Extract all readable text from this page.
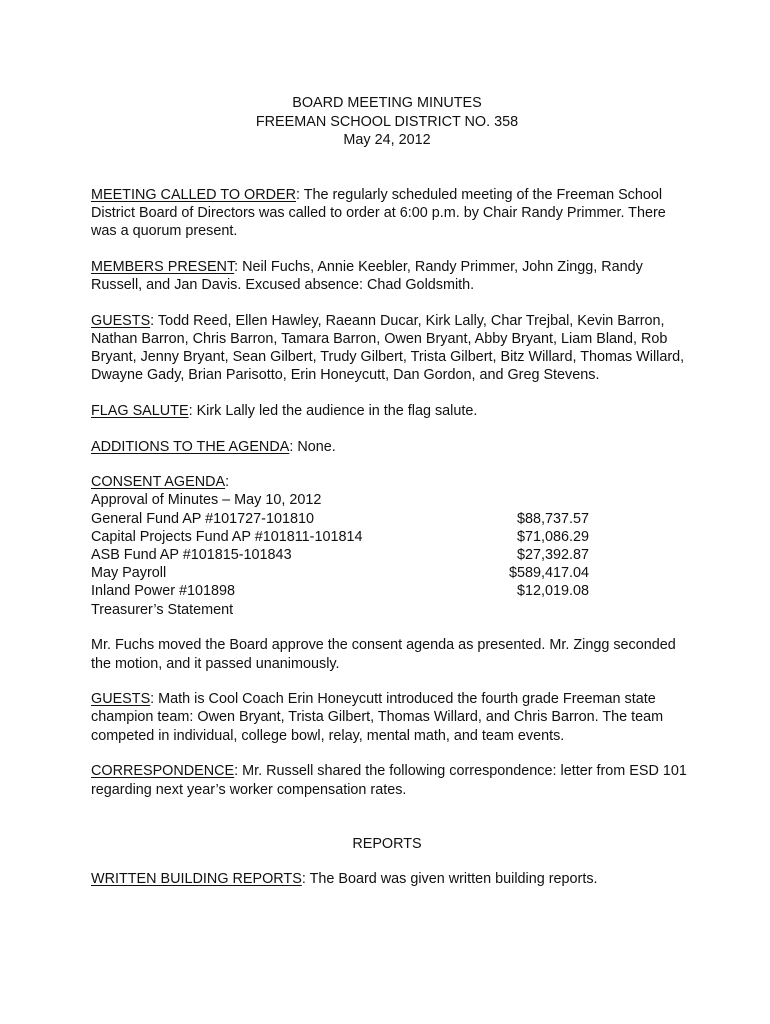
BOARD MEETING MINUTES
FREEMAN SCHOOL DISTRICT NO. 358
May 24, 2012

MEETING CALLED TO ORDER: The regularly scheduled meeting of the Freeman School District Board of Directors was called to order at 6:00 p.m. by Chair Randy Primmer. There was a quorum present.

MEMBERS PRESENT: Neil Fuchs, Annie Keebler, Randy Primmer, John Zingg, Randy Russell, and Jan Davis. Excused absence: Chad Goldsmith.

GUESTS: Todd Reed, Ellen Hawley, Raeann Ducar, Kirk Lally, Char Trejbal, Kevin Barron, Nathan Barron, Chris Barron, Tamara Barron, Owen Bryant, Abby Bryant, Liam Bland, Rob Bryant, Jenny Bryant, Sean Gilbert, Trudy Gilbert, Trista Gilbert, Bitz Willard, Thomas Willard, Dwayne Gady, Brian Parisotto, Erin Honeycutt, Dan Gordon, and Greg Stevens.

FLAG SALUTE: Kirk Lally led the audience in the flag salute.

ADDITIONS TO THE AGENDA: None.

CONSENT AGENDA:
Approval of Minutes – May 10, 2012
General Fund AP #101727-101810	$88,737.57
Capital Projects Fund AP #101811-101814	$71,086.29
ASB Fund AP #101815-101843	$27,392.87
May Payroll	$589,417.04
Inland Power #101898	$12,019.08
Treasurer’s Statement

Mr. Fuchs moved the Board approve the consent agenda as presented. Mr. Zingg seconded the motion, and it passed unanimously.

GUESTS: Math is Cool Coach Erin Honeycutt introduced the fourth grade Freeman state champion team: Owen Bryant, Trista Gilbert, Thomas Willard, and Chris Barron. The team competed in individual, college bowl, relay, mental math, and team events.

CORRESPONDENCE: Mr. Russell shared the following correspondence: letter from ESD 101 regarding next year’s worker compensation rates.

REPORTS

WRITTEN BUILDING REPORTS: The Board was given written building reports.
